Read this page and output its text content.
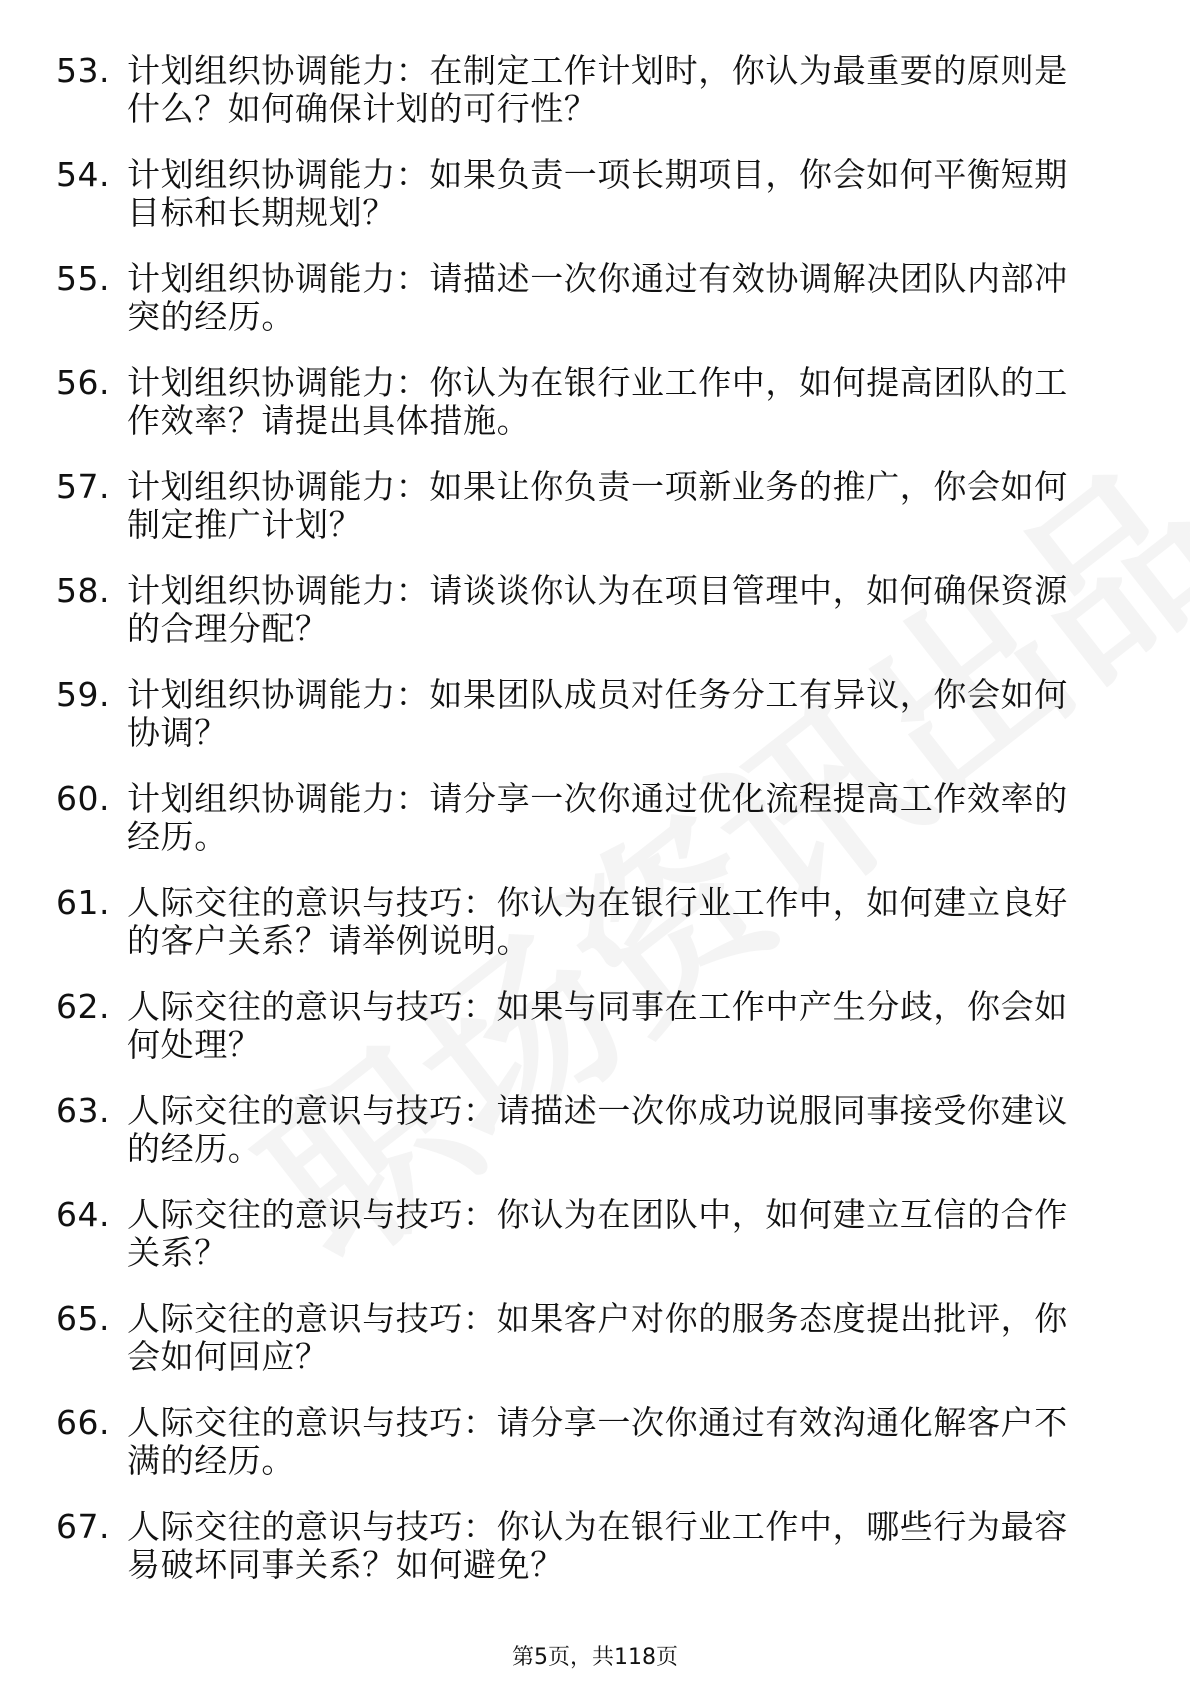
53. 计划组织协调能力：在制定工作计划时，你认为最重要的原则是
什么？如何确保计划的可行性？
54. 计划组织协调能力：如果负责一项长期项目，你会如何平衡短期
目标和长期规划？
55. 计划组织协调能力：请描述一次你通过有效协调解决团队内部冲
突的经历。
56. 计划组织协调能力：你认为在银行业工作中，如何提高团队的工
作效率？请提出具体措施。
57. 计划组织协调能力：如果让你负责一项新业务的推广，你会如何
制定推广计划？
58. 计划组织协调能力：请谈谈你认为在项目管理中，如何确保资源
的合理分配？
59. 计划组织协调能力：如果团队成员对任务分工有异议，你会如何
协调？
60. 计划组织协调能力：请分享一次你通过优化流程提高工作效率的
经历。
61. 人际交往的意识与技巧：你认为在银行业工作中，如何建立良好
的客户关系？请举例说明。
62. 人际交往的意识与技巧：如果与同事在工作中产生分歧，你会如
何处理？
63. 人际交往的意识与技巧：请描述一次你成功说服同事接受你建议
的经历。
64. 人际交往的意识与技巧：你认为在团队中，如何建立互信的合作
关系？
65. 人际交往的意识与技巧：如果客户对你的服务态度提出批评，你
会如何回应？
66. 人际交往的意识与技巧：请分享一次你通过有效沟通化解客户不
满的经历。
67. 人际交往的意识与技巧：你认为在银行业工作中，哪些行为最容
易破坏同事关系？如何避免？
第5页，共118页
